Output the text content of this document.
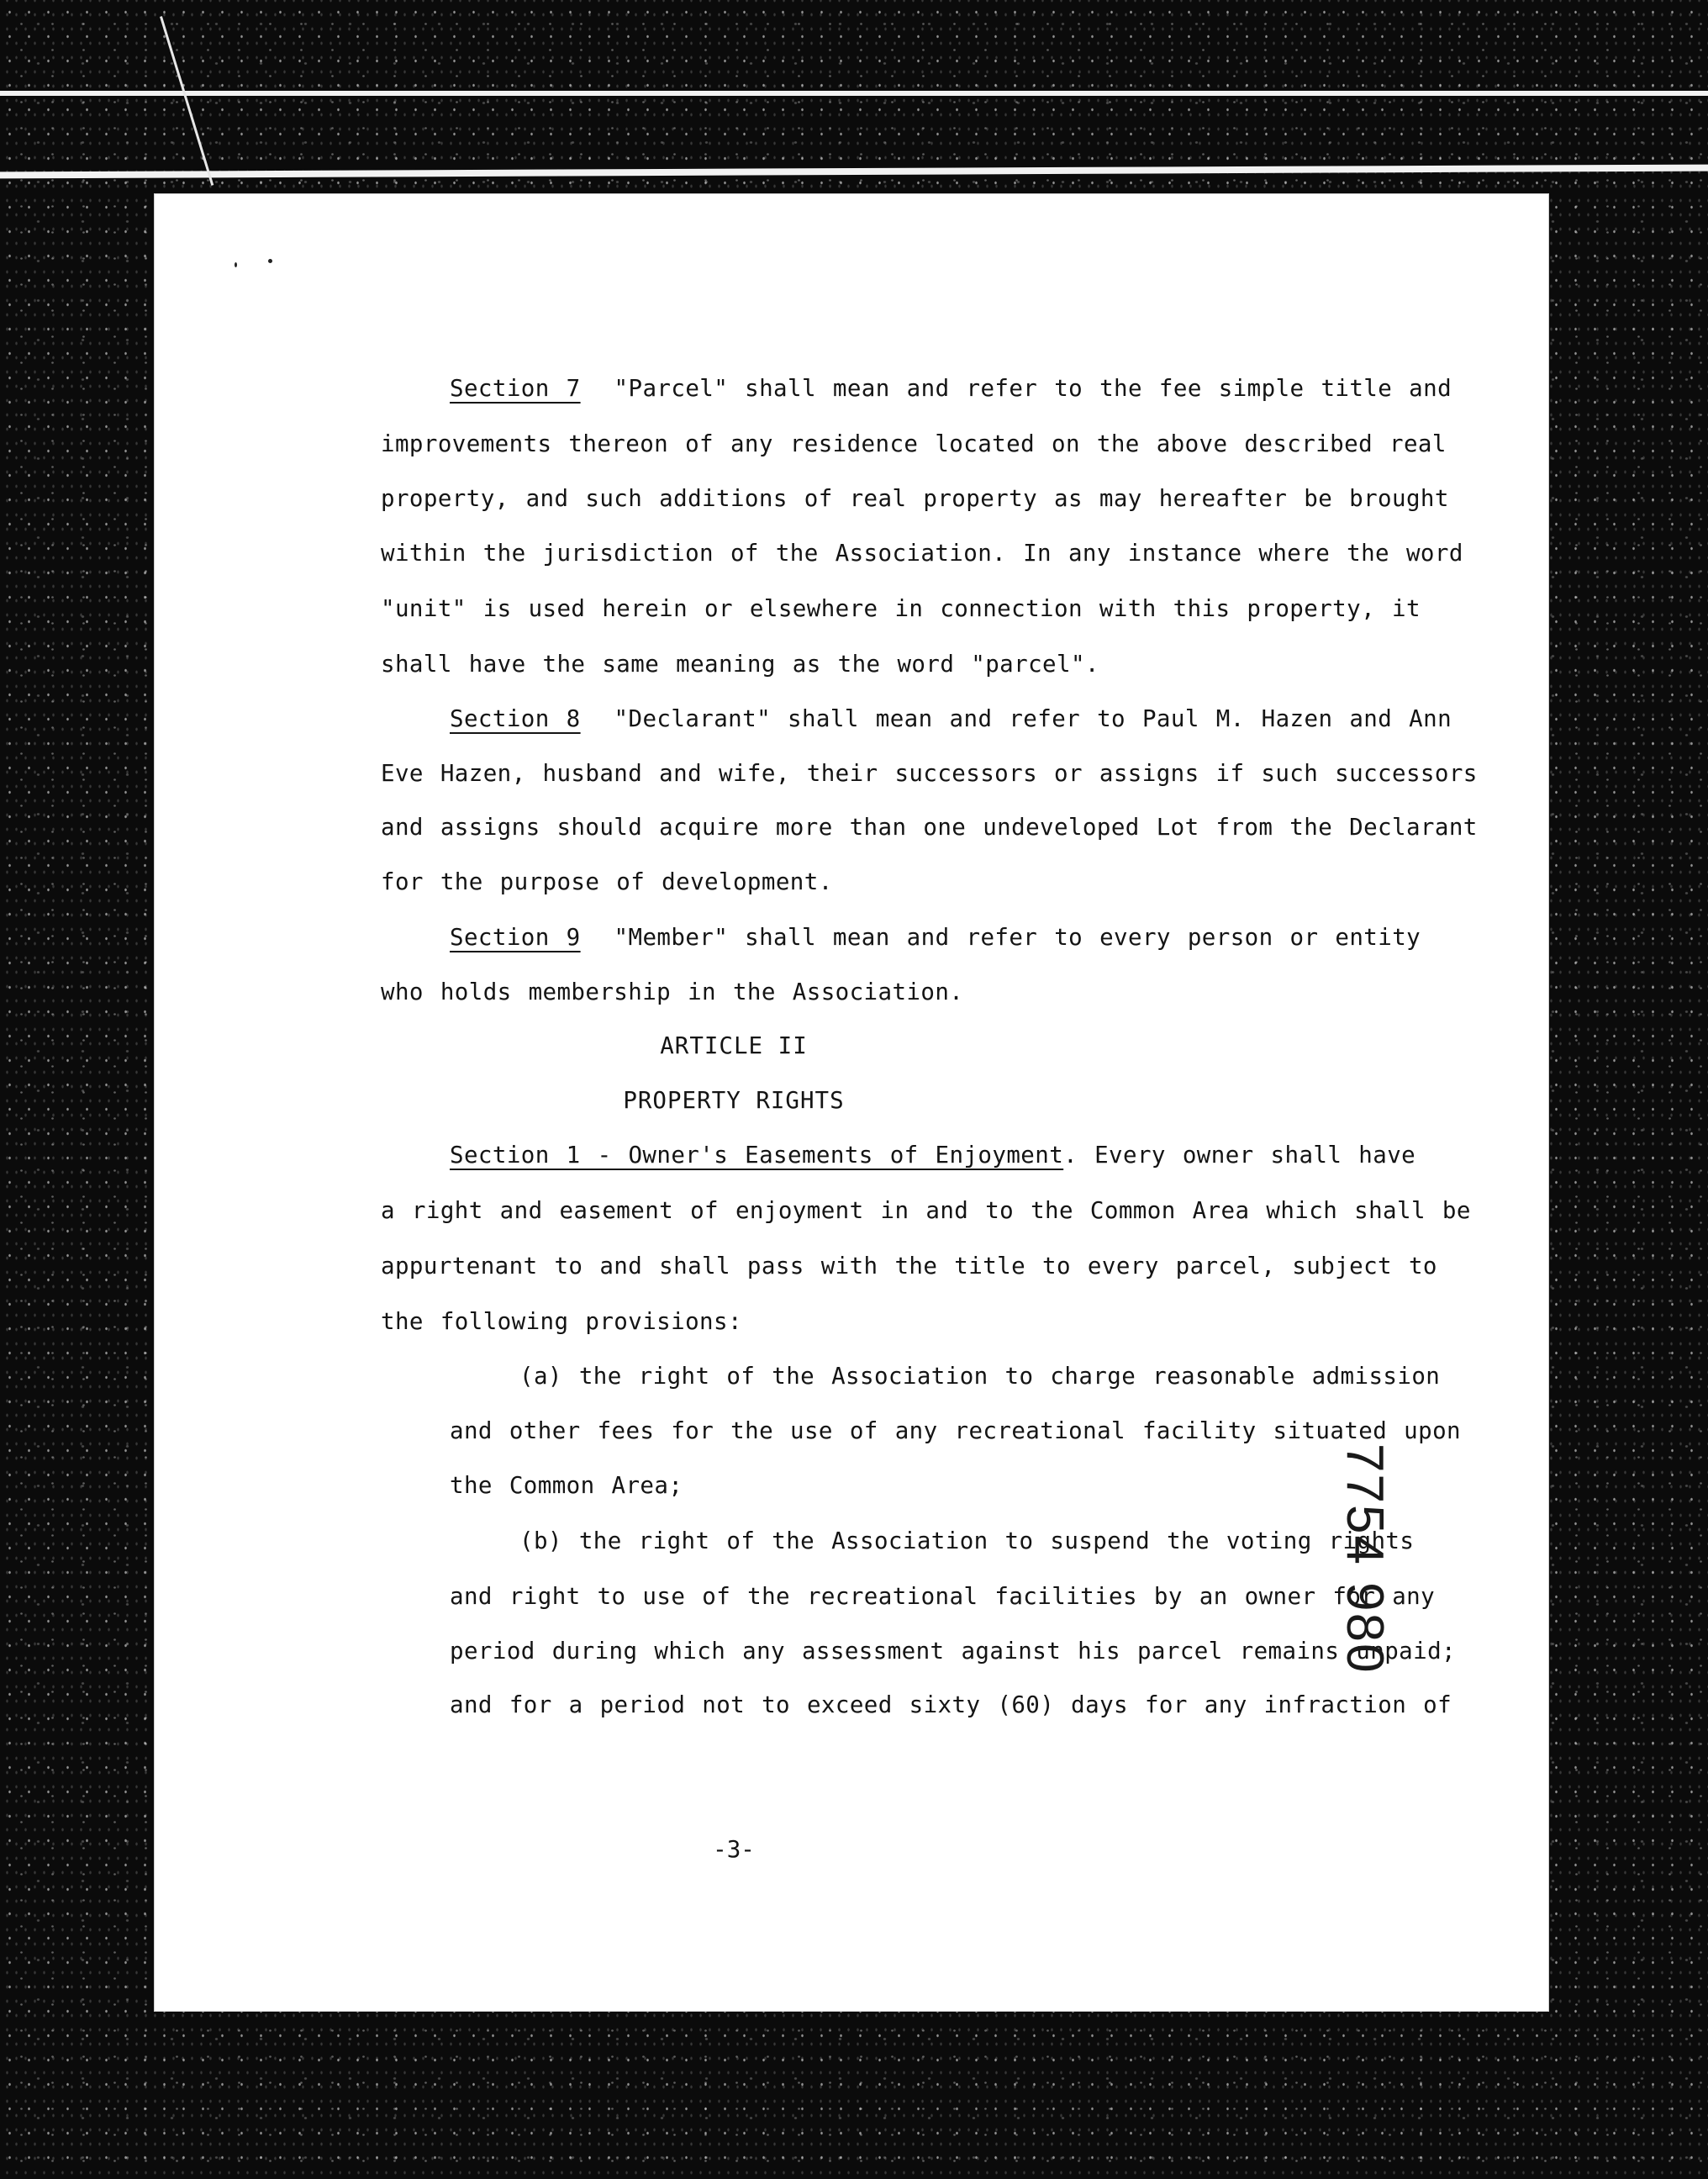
Section 7 "Parcel" shall mean and refer to the fee simple title and

improvements thereon of any residence located on the above described real

property, and such additions of real property as may hereafter be brought

within the jurisdiction of the Association. In any instance where the word

"unit" is used herein or elsewhere in connection with this property, it

shall have the same meaning as the word "parcel".

Section 8 "Declarant" shall mean and refer to Paul M. Hazen and Ann

Eve Hazen, husband and wife, their successors or assigns if such successors

and assigns should acquire more than one undeveloped Lot from the Declarant

for the purpose of development.

Section 9 "Member" shall mean and refer to every person or entity

who holds membership in the Association.

ARTICLE II

PROPERTY RIGHTS

Section 1 - Owner's Easements of Enjoyment. Every owner shall have

a right and easement of enjoyment in and to the Common Area which shall be

appurtenant to and shall pass with the title to every parcel, subject to

the following provisions:

(a) the right of the Association to charge reasonable admission

and other fees for the use of any recreational facility situated upon

the Common Area;

(b) the right of the Association to suspend the voting rights

and right to use of the recreational facilities by an owner for any

period during which any assessment against his parcel remains unpaid;

and for a period not to exceed sixty (60) days for any infraction of

7754 980

-3-
